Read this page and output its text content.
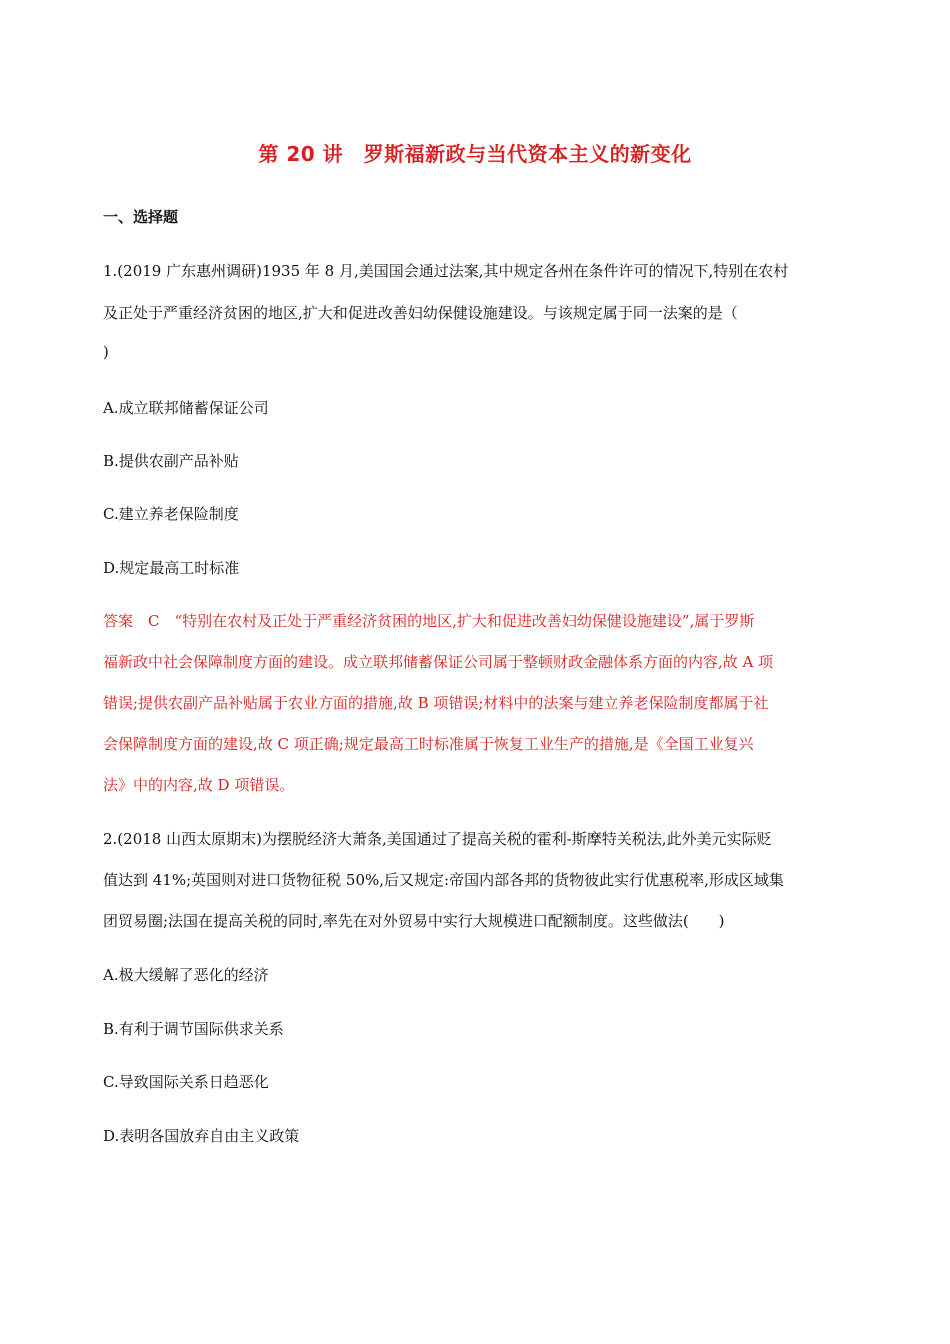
第 20 讲　罗斯福新政与当代资本主义的新变化
一、选择题
1.(2019 广东惠州调研)1935 年 8 月,美国国会通过法案,其中规定各州在条件许可的情况下,特别在农村
及正处于严重经济贫困的地区,扩大和促进改善妇幼保健设施建设。与该规定属于同一法案的是（
)
A.成立联邦储蓄保证公司
B.提供农副产品补贴
C.建立养老保险制度
D.规定最高工时标准
答案　C　“特别在农村及正处于严重经济贫困的地区,扩大和促进改善妇幼保健设施建设”,属于罗斯
福新政中社会保障制度方面的建设。成立联邦储蓄保证公司属于整顿财政金融体系方面的内容,故 A 项
错误;提供农副产品补贴属于农业方面的措施,故 B 项错误;材料中的法案与建立养老保险制度都属于社
会保障制度方面的建设,故 C 项正确;规定最高工时标准属于恢复工业生产的措施,是《全国工业复兴
法》中的内容,故 D 项错误。
2.(2018 山西太原期末)为摆脱经济大萧条,美国通过了提高关税的霍利-斯摩特关税法,此外美元实际贬
值达到 41%;英国则对进口货物征税 50%,后又规定:帝国内部各邦的货物彼此实行优惠税率,形成区域集
团贸易圈;法国在提高关税的同时,率先在对外贸易中实行大规模进口配额制度。这些做法(　　)
A.极大缓解了恶化的经济
B.有利于调节国际供求关系
C.导致国际关系日趋恶化
D.表明各国放弃自由主义政策
